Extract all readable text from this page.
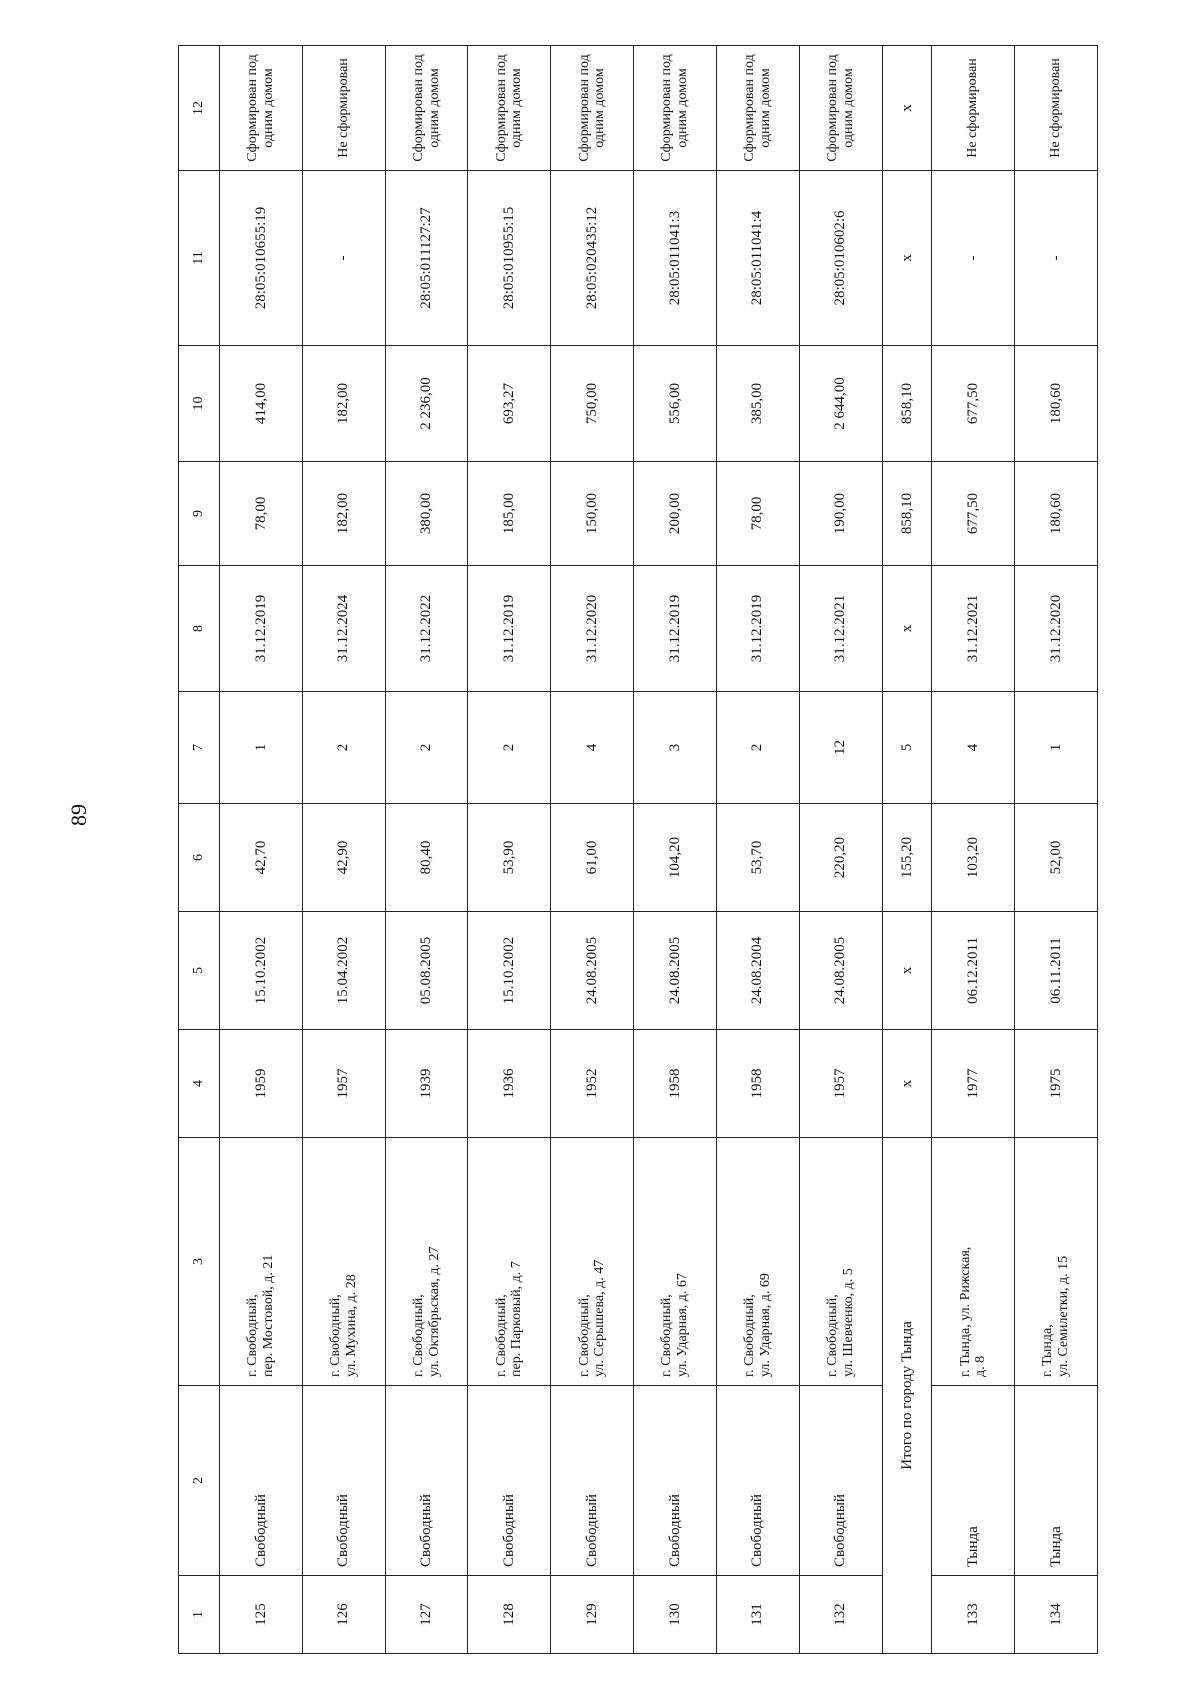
89
1	2	3	4	5	6	7	8	9	10	11	12
125	Свободный	г. Свободный, пер. Мостовой, д. 21	1959	15.10.2002	42,70	1	31.12.2019	78,00	414,00	28:05:010655:19	Сформирован под одним домом
126	Свободный	г. Свободный, ул. Мухина, д. 28	1957	15.04.2002	42,90	2	31.12.2024	182,00	182,00	-	Не сформирован
127	Свободный	г. Свободный, ул. Октябрьская, д. 27	1939	05.08.2005	80,40	2	31.12.2022	380,00	2 236,00	28:05:011127:27	Сформирован под одним домом
128	Свободный	г. Свободный, пер. Парковый, д. 7	1936	15.10.2002	53,90	2	31.12.2019	185,00	693,27	28:05:010955:15	Сформирован под одним домом
129	Свободный	г. Свободный, ул. Серышева, д. 47	1952	24.08.2005	61,00	4	31.12.2020	150,00	750,00	28:05:020435:12	Сформирован под одним домом
130	Свободный	г. Свободный, ул. Ударная, д. 67	1958	24.08.2005	104,20	3	31.12.2019	200,00	556,00	28:05:011041:3	Сформирован под одним домом
131	Свободный	г. Свободный, ул. Ударная, д. 69	1958	24.08.2004	53,70	2	31.12.2019	78,00	385,00	28:05:011041:4	Сформирован под одним домом
132	Свободный	г. Свободный, ул. Шевченко, д. 5	1957	24.08.2005	220,20	12	31.12.2021	190,00	2 644,00	28:05:010602:6	Сформирован под одним домом
Итого по городу Тында			x	x	155,20	5	x	858,10	858,10	x	x
133	Тында	г. Тында, ул. Рижская, д. 8	1977	06.12.2011	103,20	4	31.12.2021	677,50	677,50	-	Не сформирован
134	Тында	г. Тында, ул. Семилетки, д. 15	1975	06.11.2011	52,00	1	31.12.2020	180,60	180,60	-	Не сформирован
